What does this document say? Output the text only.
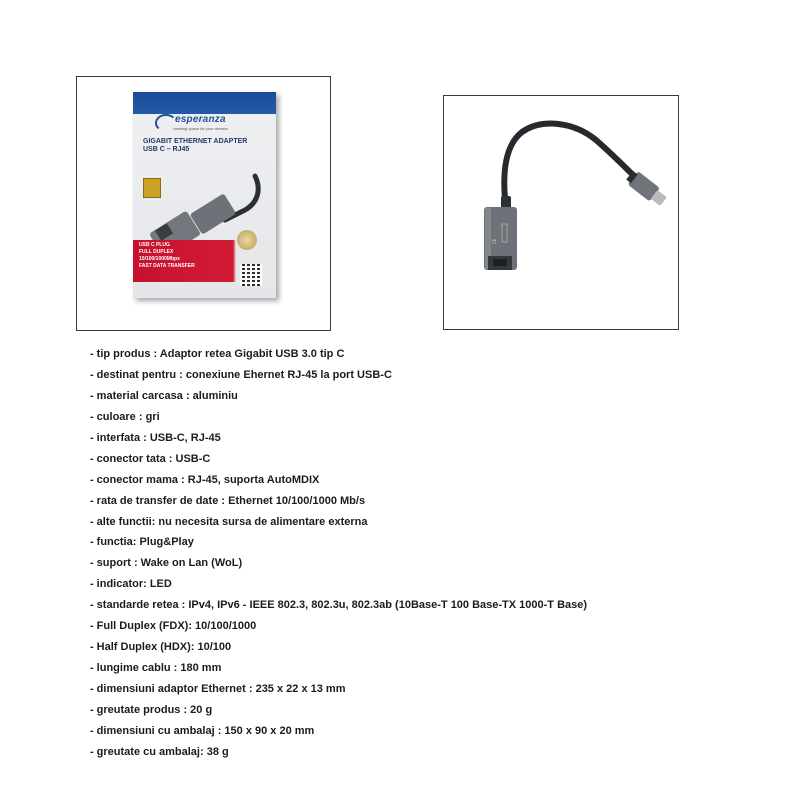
esperanza
creating space for your dreams
GIGABIT ETHERNET ADAPTER
USB C – RJ45
USB C PLUG
FULL DUPLEX
10/100/1000Mbps
FAST DATA TRANSFER
CE
- tip produs : Adaptor retea Gigabit USB 3.0 tip C
- destinat pentru : conexiune Ehernet RJ-45 la port USB-C
- material carcasa : aluminiu
- culoare : gri
- interfata : USB-C, RJ-45
- conector tata : USB-C
- conector mama : RJ-45, suporta AutoMDIX
- rata de transfer de date : Ethernet 10/100/1000 Mb/s
- alte functii: nu necesita sursa de alimentare externa
- functia: Plug&Play
- suport : Wake on Lan (WoL)
- indicator: LED
- standarde retea : IPv4, IPv6 - IEEE 802.3, 802.3u, 802.3ab (10Base-T 100 Base-TX 1000-T Base)
- Full Duplex (FDX): 10/100/1000
- Half Duplex (HDX): 10/100
- lungime cablu : 180 mm
- dimensiuni adaptor Ethernet : 235 x 22 x 13 mm
- greutate produs : 20 g
- dimensiuni cu ambalaj : 150 x 90 x 20 mm
- greutate cu ambalaj: 38 g
